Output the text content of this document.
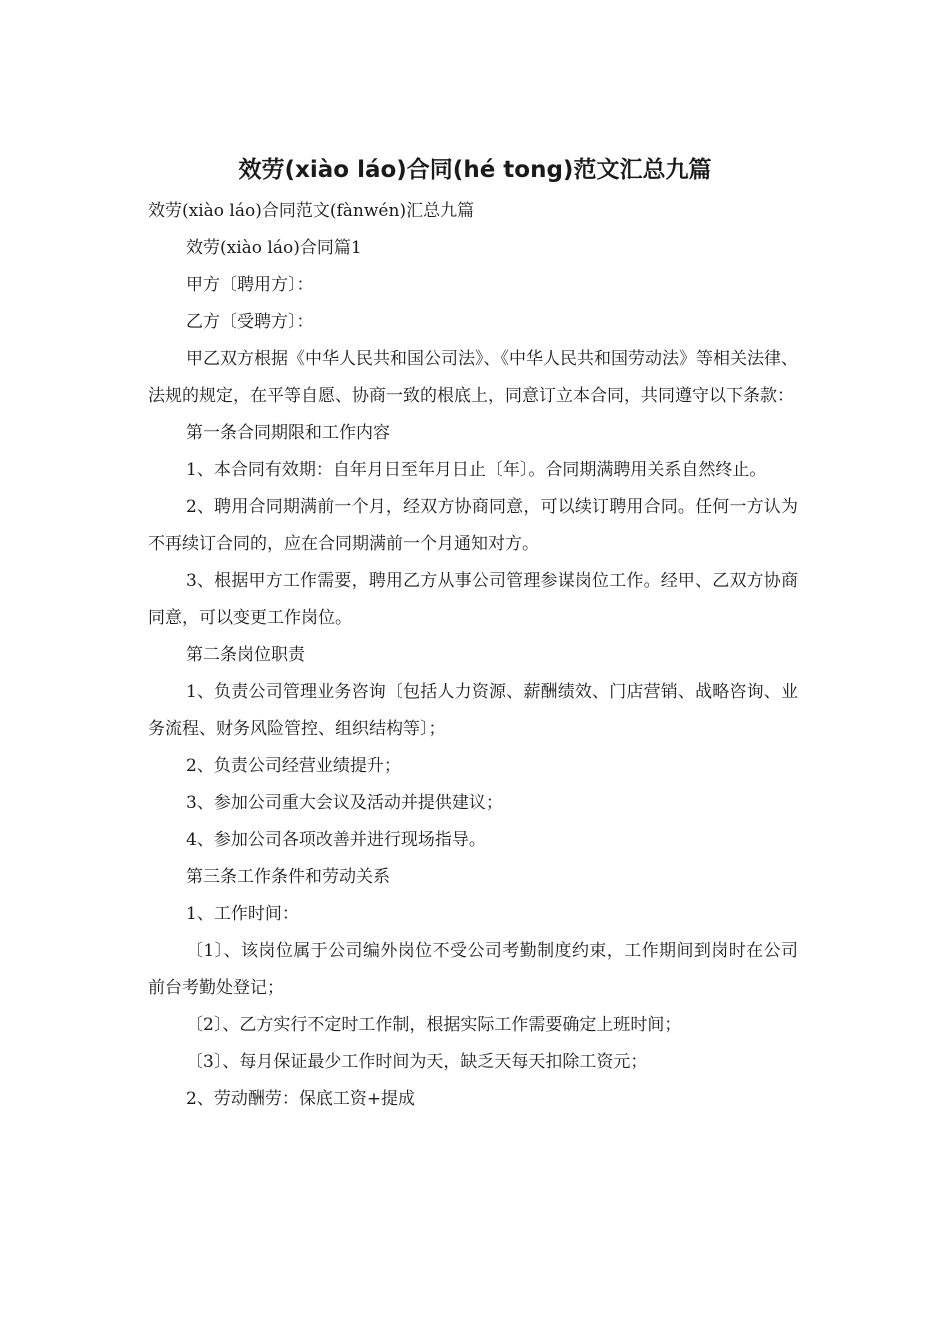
效劳(xiào láo)合同(hé tong)范文汇总九篇

效劳(xiào láo)合同范文(fànwén)汇总九篇

效劳(xiào láo)合同篇1

甲方〔聘用方〕：

乙方〔受聘方〕：

甲乙双方根据《中华人民共和国公司法》、《中华人民共和国劳动法》等相关法律、法规的规定，在平等自愿、协商一致的根底上，同意订立本合同，共同遵守以下条款：

第一条合同期限和工作内容

1、本合同有效期：自年月日至年月日止〔年〕。合同期满聘用关系自然终止。

2、聘用合同期满前一个月，经双方协商同意，可以续订聘用合同。任何一方认为不再续订合同的，应在合同期满前一个月通知对方。

3、根据甲方工作需要，聘用乙方从事公司管理参谋岗位工作。经甲、乙双方协商同意，可以变更工作岗位。

第二条岗位职责

1、负责公司管理业务咨询〔包括人力资源、薪酬绩效、门店营销、战略咨询、业务流程、财务风险管控、组织结构等〕；

2、负责公司经营业绩提升；

3、参加公司重大会议及活动并提供建议；

4、参加公司各项改善并进行现场指导。

第三条工作条件和劳动关系

1、工作时间：

〔1〕、该岗位属于公司编外岗位不受公司考勤制度约束，工作期间到岗时在公司前台考勤处登记；

〔2〕、乙方实行不定时工作制，根据实际工作需要确定上班时间；

〔3〕、每月保证最少工作时间为天，缺乏天每天扣除工资元；

2、劳动酬劳：保底工资+提成
